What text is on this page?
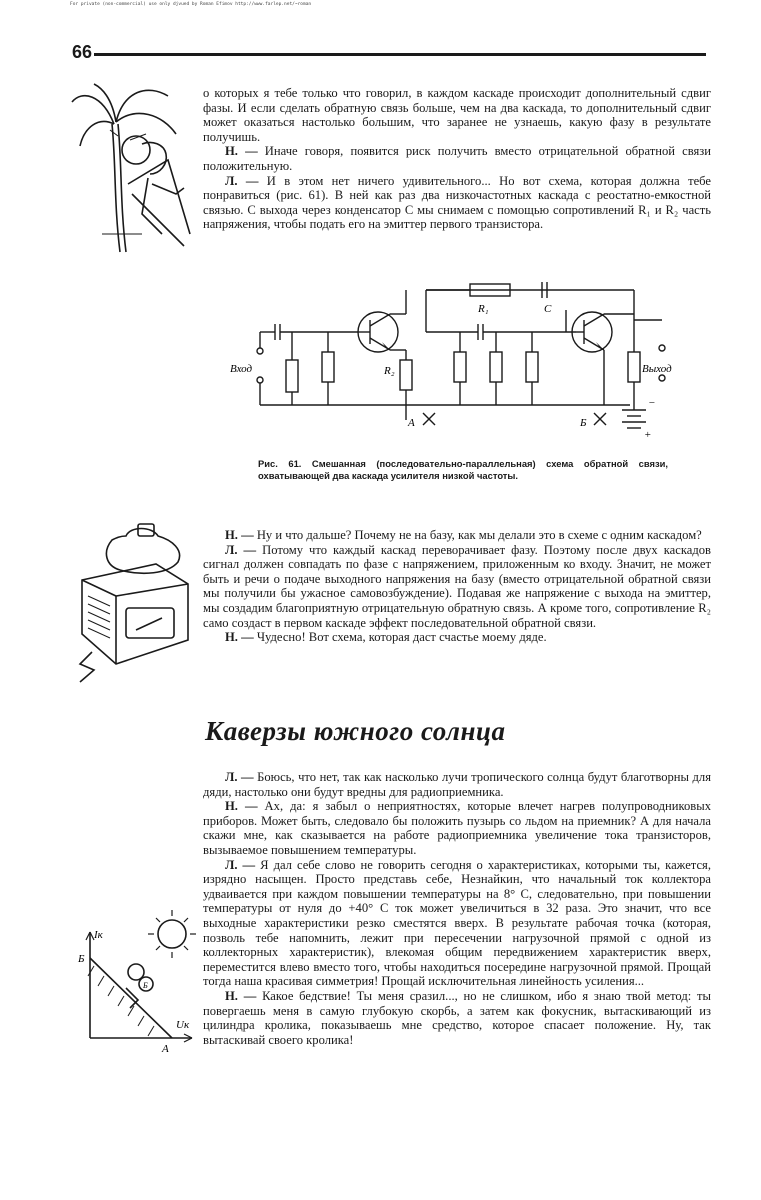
For private (non-commercial) use only djvued by Roman Efimov http://www.farlep.net/~roman
66

о которых я тебе только что говорил, в каждом каскаде происходит дополнительный сдвиг фазы. И если сделать обратную связь больше, чем на два каскада, то дополнительный сдвиг может оказаться настолько большим, что заранее не узнаешь, какую фазу в результате получишь.

Н. — Иначе говоря, появится риск получить вместо отрицательной обратной связи положительную.

Л. — И в этом нет ничего удивительного... Но вот схема, которая должна тебе понравиться (рис. 61). В ней как раз два низкочастотных каскада с реостатно-емкостной связью. С выхода через конденсатор C мы снимаем с помощью сопротивлений R₁ и R₂ часть напряжения, чтобы подать его на эмиттер первого транзистора.

Вход	Выход
R₁
R₂
C
А	Б
+
−
Рис. 61. Смешанная (последовательно-параллельная) схема обратной связи, охватывающей два каскада усилителя низкой частоты.

Н. — Ну и что дальше? Почему не на базу, как мы делали это в схеме с одним каскадом?

Л. — Потому что каждый каскад переворачивает фазу. Поэтому после двух каскадов сигнал должен совпадать по фазе с напряжением, приложенным ко входу. Значит, не может быть и речи о подаче выходного напряжения на базу (вместо отрицательной обратной связи мы получили бы ужасное самовозбуждение). Подавая же напряжение с выхода на эмиттер, мы создадим благоприятную отрицательную обратную связь. А кроме того, сопротивление R₂ само создаст в первом каскаде эффект последовательной обратной связи.

Н. — Чудесно! Вот схема, которая даст счастье моему дяде.

Каверзы южного солнца

Л. — Боюсь, что нет, так как насколько лучи тропического солнца будут благотворны для дяди, настолько они будут вредны для радиоприемника.

Н. — Ах, да: я забыл о неприятностях, которые влечет нагрев полупроводниковых приборов. Может быть, следовало бы положить пузырь со льдом на приемник? А для начала скажи мне, как сказывается на работе радиоприемника увеличение тока транзисторов, вызываемое повышением температуры.

Л. — Я дал себе слово не говорить сегодня о характеристиках, которыми ты, кажется, изрядно насыщен. Просто представь себе, Незнайкин, что начальный ток коллектора удваивается при каждом повышении температуры на 8° C, следовательно, при повышении температуры от нуля до +40° C ток может увеличиться в 32 раза. Это значит, что все выходные характеристики резко сместятся вверх. В результате рабочая точка (которая, позволь тебе напомнить, лежит при пересечении нагрузочной прямой с одной из коллекторных характеристик), влекомая общим передвижением характеристик вверх, переместится влево вместо того, чтобы находиться посередине нагрузочной прямой. Прощай тогда наша красивая симметрия! Прощай исключительная линейность усиления...

Н. — Какое бедствие! Ты меня сразил..., но не слишком, ибо я знаю твой метод: ты повергаешь меня в самую глубокую скорбь, а затем как фокусник, вытаскивающий из цилиндра кролика, показываешь мне средство, которое спасает положение. Ну, так вытаскивай своего кролика!

Iк
Uк
Б
А
Б
